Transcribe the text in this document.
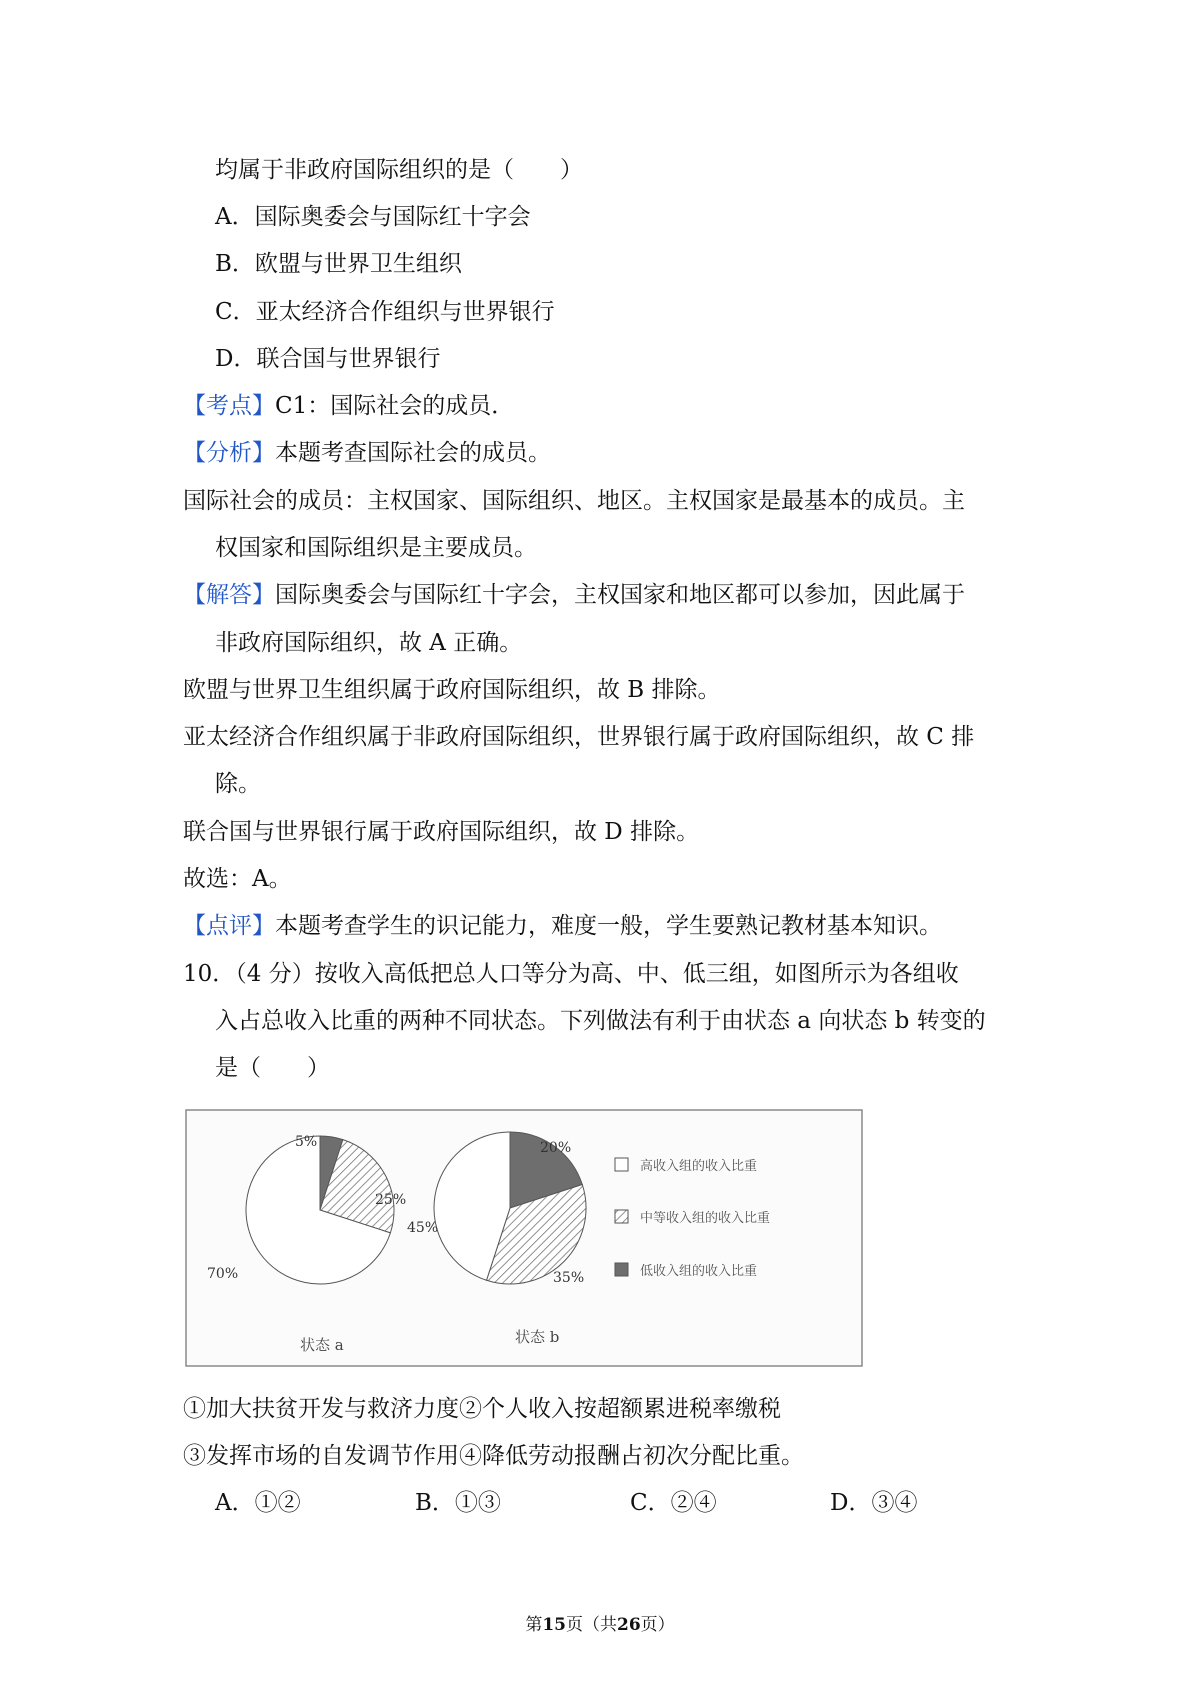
均属于非政府国际组织的是（　　）
A．国际奥委会与国际红十字会
B．欧盟与世界卫生组织
C．亚太经济合作组织与世界银行
D．联合国与世界银行
【考点】C1：国际社会的成员．
【分析】本题考查国际社会的成员。
国际社会的成员：主权国家、国际组织、地区。主权国家是最基本的成员。主
权国家和国际组织是主要成员。
【解答】国际奥委会与国际红十字会，主权国家和地区都可以参加，因此属于
非政府国际组织，故 A 正确。
欧盟与世界卫生组织属于政府国际组织，故 B 排除。
亚太经济合作组织属于非政府国际组织，世界银行属于政府国际组织，故 C 排
除。
联合国与世界银行属于政府国际组织，故 D 排除。
故选：A。
【点评】本题考查学生的识记能力，难度一般，学生要熟记教材基本知识。
10．（4 分）按收入高低把总人口等分为高、中、低三组，如图所示为各组收
入占总收入比重的两种不同状态。下列做法有利于由状态 a 向状态 b 转变的
是（　　）
70%
25%
5%
状态 a
45%
35%
20%
状态 b
高收入组的收入比重
中等收入组的收入比重
低收入组的收入比重
①加大扶贫开发与救济力度②个人收入按超额累进税率缴税
③发挥市场的自发调节作用④降低劳动报酬占初次分配比重。
A．①②	B．①③	C．②④	D．③④
第15页（共26页）
